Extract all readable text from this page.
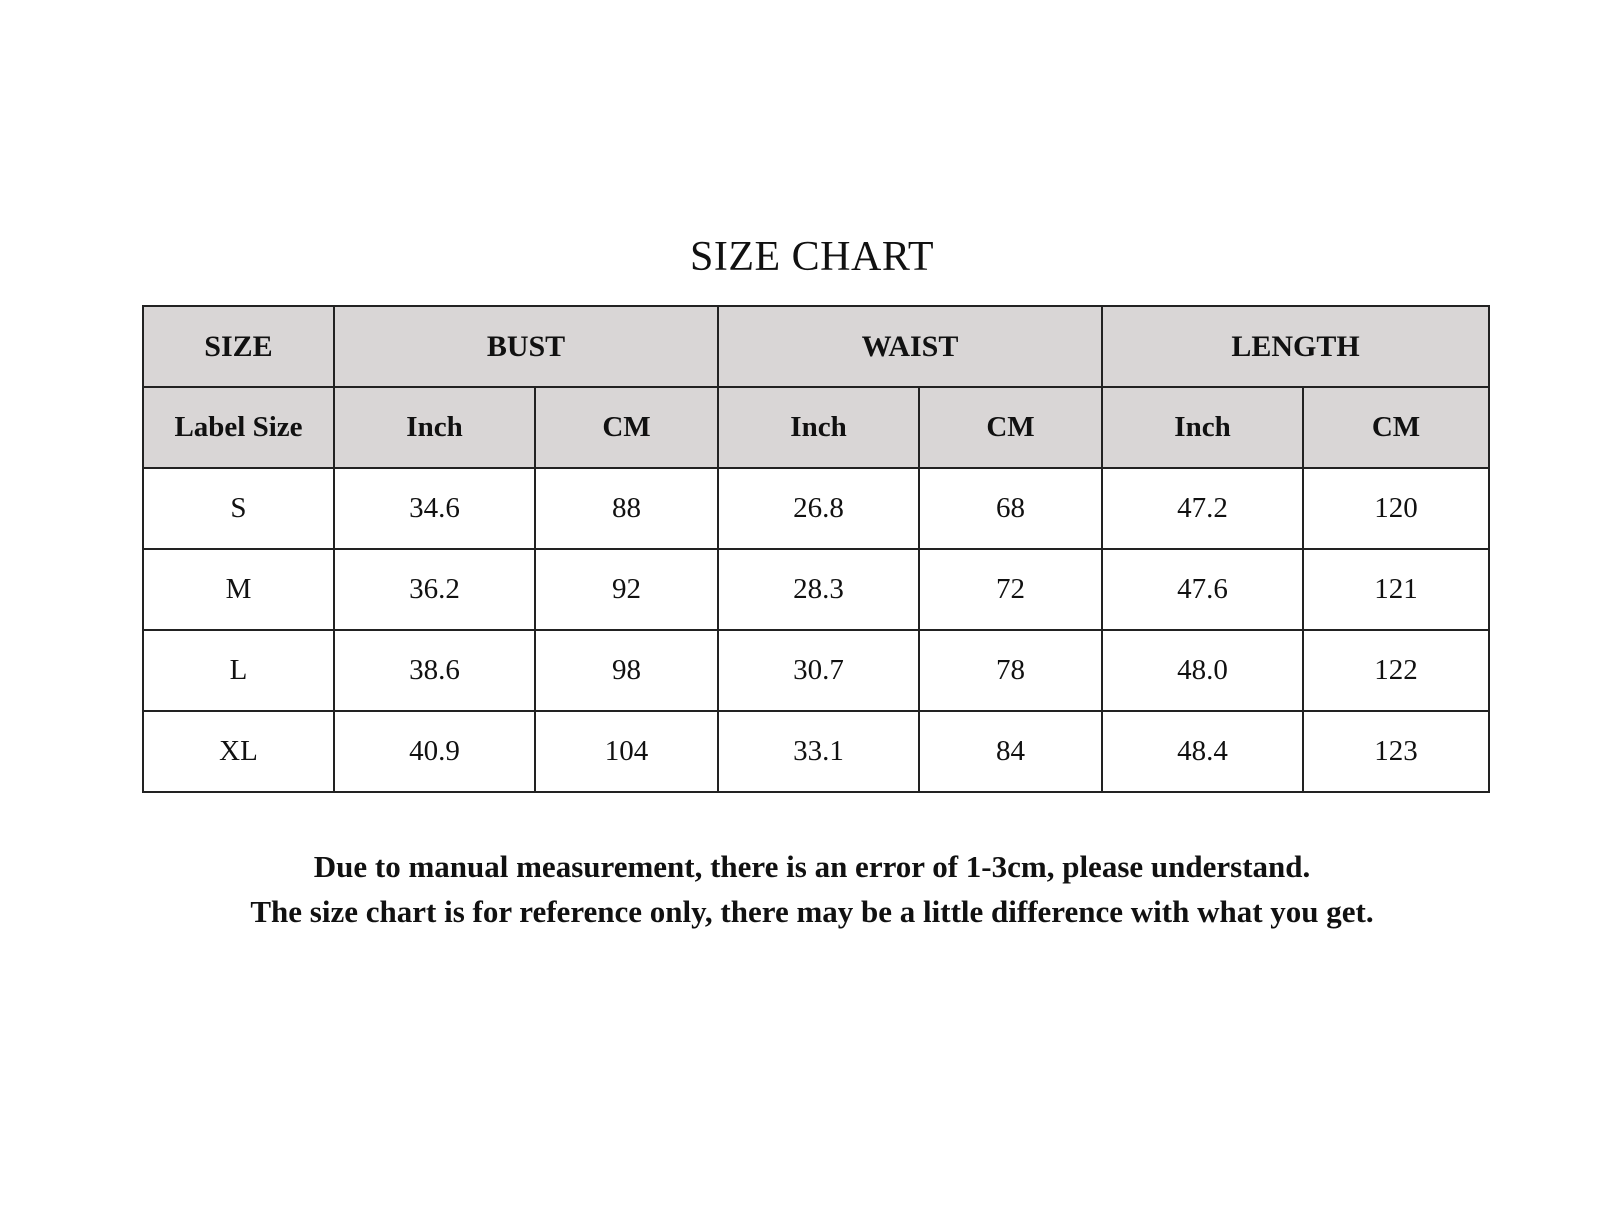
SIZE CHART
SIZE	BUST		WAIST		LENGTH	
Label Size	Inch	CM	Inch	CM	Inch	CM
S	34.6	88	26.8	68	47.2	120
M	36.2	92	28.3	72	47.6	121
L	38.6	98	30.7	78	48.0	122
XL	40.9	104	33.1	84	48.4	123
Due to manual measurement, there is an error of 1-3cm, please understand.
The size chart is for reference only, there may be a little difference with what you get.
